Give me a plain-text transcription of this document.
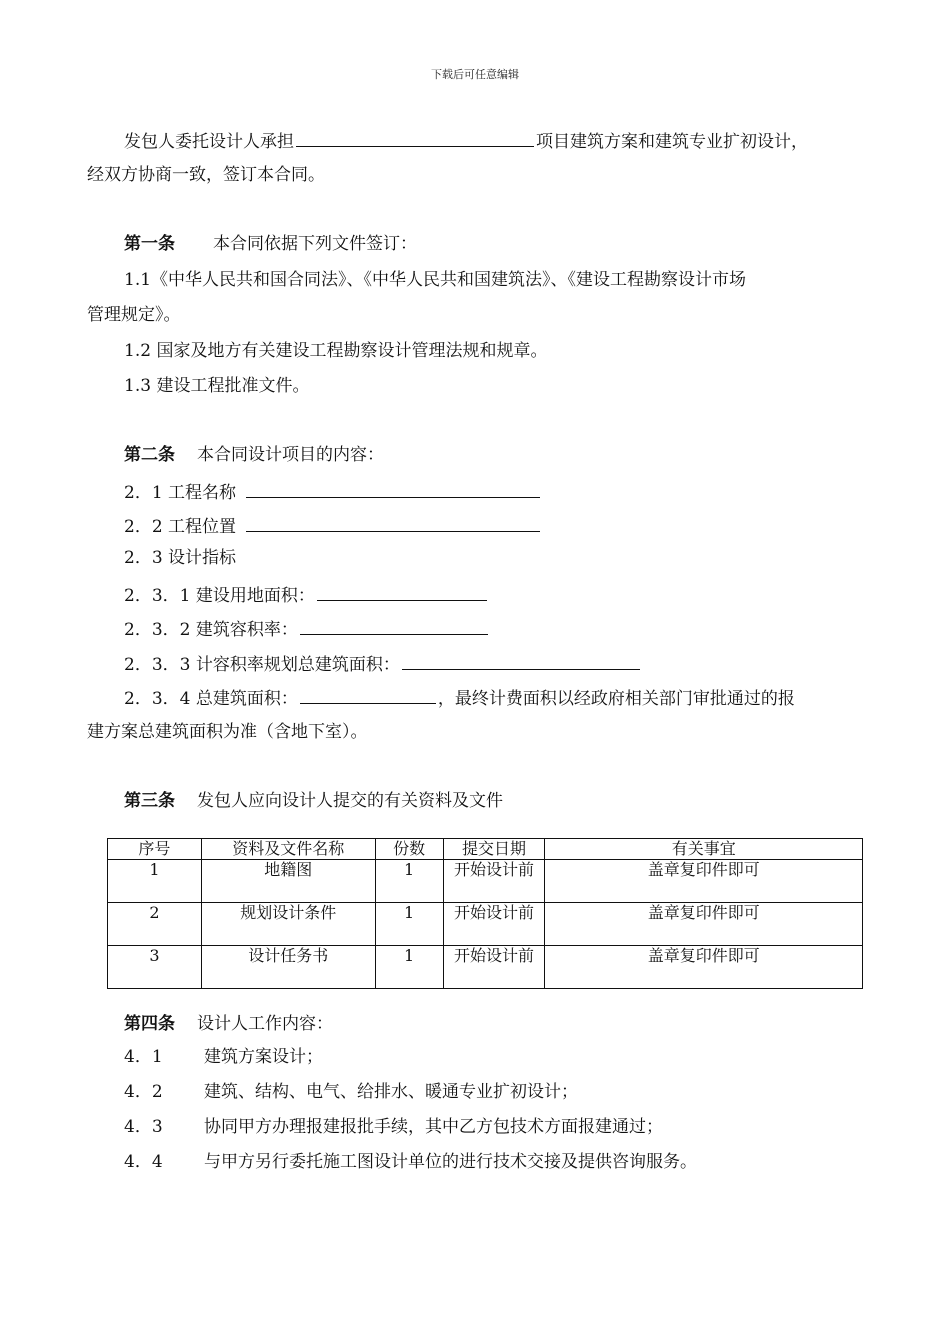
下载后可任意编辑
发包人委托设计人承担	项目建筑方案和建筑专业扩初设计，
经双方协商一致，签订本合同。
第一条 本合同依据下列文件签订：
1.1《中华人民共和国合同法》、《中华人民共和国建筑法》、《建设工程勘察设计市场
管理规定》。
1.2 国家及地方有关建设工程勘察设计管理法规和规章。
1.3 建设工程批准文件。
第二条 本合同设计项目的内容：
2．1 工程名称
2．2 工程位置
2．3 设计指标
2．3．1 建设用地面积：
2．3．2 建筑容积率：
2．3．3 计容积率规划总建筑面积：
2．3．4 总建筑面积：	，最终计费面积以经政府相关部门审批通过的报
建方案总建筑面积为准（含地下室）。
第三条 发包人应向设计人提交的有关资料及文件
序号	资料及文件名称	份数	提交日期	有关事宜
1	地籍图	1	开始设计前	盖章复印件即可
2	规划设计条件	1	开始设计前	盖章复印件即可
3	设计任务书	1	开始设计前	盖章复印件即可
第四条 设计人工作内容：
4．1 建筑方案设计；
4．2 建筑、结构、电气、给排水、暖通专业扩初设计；
4．3 协同甲方办理报建报批手续，其中乙方包技术方面报建通过；
4．4 与甲方另行委托施工图设计单位的进行技术交接及提供咨询服务。
